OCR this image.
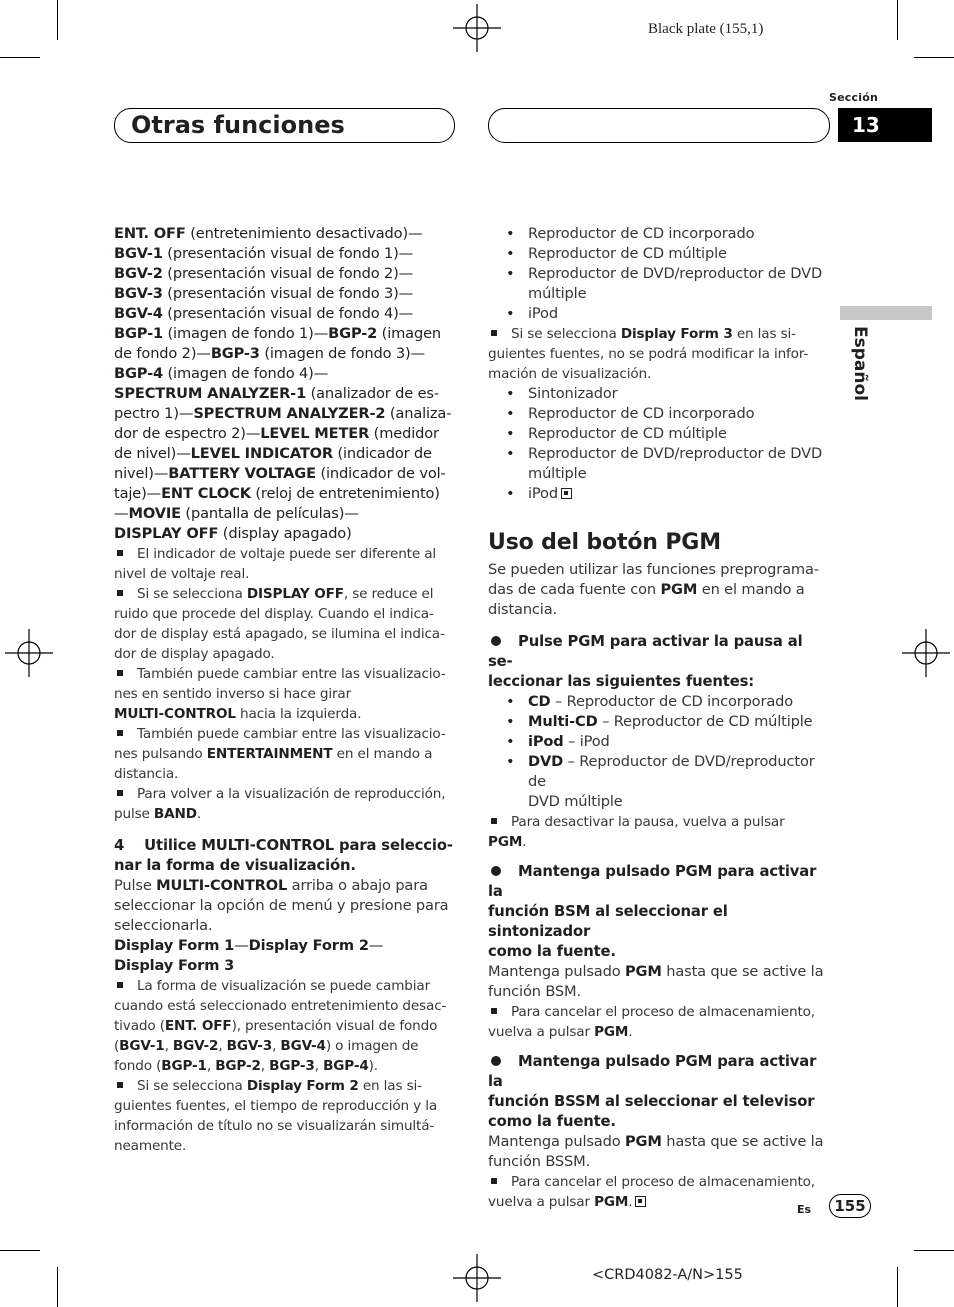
Black plate (155,1)
Sección
Otras funciones	13
Español

ENT. OFF (entretenimiento desactivado)—
BGV-1 (presentación visual de fondo 1)—
BGV-2 (presentación visual de fondo 2)—
BGV-3 (presentación visual de fondo 3)—
BGV-4 (presentación visual de fondo 4)—
BGP-1 (imagen de fondo 1)—BGP-2 (imagen
de fondo 2)—BGP-3 (imagen de fondo 3)—
BGP-4 (imagen de fondo 4)—
SPECTRUM ANALYZER-1 (analizador de es-
pectro 1)—SPECTRUM ANALYZER-2 (analiza-
dor de espectro 2)—LEVEL METER (medidor
de nivel)—LEVEL INDICATOR (indicador de
nivel)—BATTERY VOLTAGE (indicador de vol-
taje)—ENT CLOCK (reloj de entretenimiento)
—MOVIE (pantalla de películas)—
DISPLAY OFF (display apagado)

El indicador de voltaje puede ser diferente al
nivel de voltaje real.

Si se selecciona DISPLAY OFF, se reduce el
ruido que procede del display. Cuando el indica-
dor de display está apagado, se ilumina el indica-
dor de display apagado.

También puede cambiar entre las visualizacio-
nes en sentido inverso si hace girar
MULTI-CONTROL hacia la izquierda.

También puede cambiar entre las visualizacio-
nes pulsando ENTERTAINMENT en el mando a
distancia.

Para volver a la visualización de reproducción,
pulse BAND.

4    Utilice MULTI-CONTROL para seleccio-
nar la forma de visualización.

Pulse MULTI-CONTROL arriba o abajo para
seleccionar la opción de menú y presione para
seleccionarla.

Display Form 1—Display Form 2—
Display Form 3

La forma de visualización se puede cambiar
cuando está seleccionado entretenimiento desac-
tivado (ENT. OFF), presentación visual de fondo
(BGV-1, BGV-2, BGV-3, BGV-4) o imagen de
fondo (BGP-1, BGP-2, BGP-3, BGP-4).

Si se selecciona Display Form 2 en las si-
guientes fuentes, el tiempo de reproducción y la
información de título no se visualizarán simultá-
neamente.

• Reproductor de CD incorporado

• Reproductor de CD múltiple

• Reproductor de DVD/reproductor de DVD
múltiple

• iPod

Si se selecciona Display Form 3 en las si-
guientes fuentes, no se podrá modificar la infor-
mación de visualización.

• Sintonizador

• Reproductor de CD incorporado

• Reproductor de CD múltiple

• Reproductor de DVD/reproductor de DVD
múltiple

• iPod

Uso del botón PGM

Se pueden utilizar las funciones preprograma-
das de cada fuente con PGM en el mando a
distancia.

Pulse PGM para activar la pausa al se-
leccionar las siguientes fuentes:

• CD – Reproductor de CD incorporado

• Multi-CD – Reproductor de CD múltiple

• iPod – iPod

• DVD – Reproductor de DVD/reproductor de
DVD múltiple

Para desactivar la pausa, vuelva a pulsar
PGM.

Mantenga pulsado PGM para activar la
función BSM al seleccionar el sintonizador
como la fuente.

Mantenga pulsado PGM hasta que se active la
función BSM.

Para cancelar el proceso de almacenamiento,
vuelva a pulsar PGM.

Mantenga pulsado PGM para activar la
función BSSM al seleccionar el televisor
como la fuente.

Mantenga pulsado PGM hasta que se active la
función BSSM.

Para cancelar el proceso de almacenamiento,
vuelva a pulsar PGM.	Es	155
<CRD4082-A/N>155
